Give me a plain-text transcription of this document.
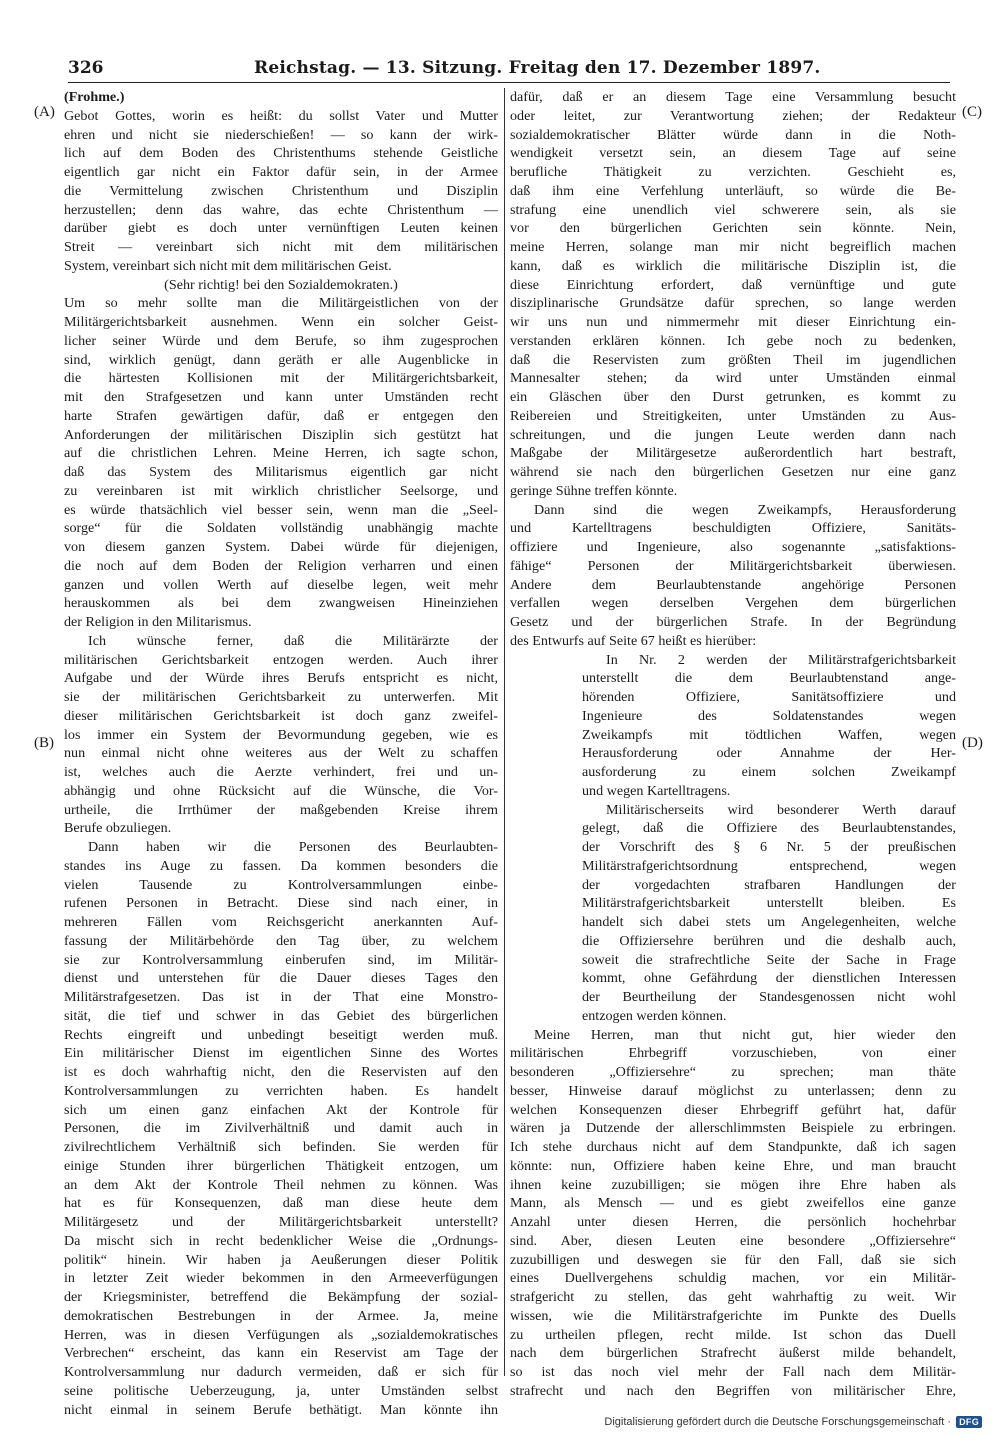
326	Reichstag. — 13. Sitzung. Freitag den 17. Dezember 1897.
(A)
(B)
(C)
(D)
(Frohme.)
Gebot Gottes, worin es heißt: du sollst Vater und Mutter
ehren und nicht sie niederschießen! — so kann der wirk-
lich auf dem Boden des Christenthums stehende Geistliche
eigentlich gar nicht ein Faktor dafür sein, in der Armee
die Vermittelung zwischen Christenthum und Disziplin
herzustellen; denn das wahre, das echte Christenthum —
darüber giebt es doch unter vernünftigen Leuten keinen
Streit — vereinbart sich nicht mit dem militärischen
System, vereinbart sich nicht mit dem militärischen Geist.
(Sehr richtig! bei den Sozialdemokraten.)
Um so mehr sollte man die Militärgeistlichen von der
Militärgerichtsbarkeit ausnehmen. Wenn ein solcher Geist-
licher seiner Würde und dem Berufe, so ihm zugesprochen
sind, wirklich genügt, dann geräth er alle Augenblicke in
die härtesten Kollisionen mit der Militärgerichtsbarkeit,
mit den Strafgesetzen und kann unter Umständen recht
harte Strafen gewärtigen dafür, daß er entgegen den
Anforderungen der militärischen Disziplin sich gestützt hat
auf die christlichen Lehren. Meine Herren, ich sagte schon,
daß das System des Militarismus eigentlich gar nicht
zu vereinbaren ist mit wirklich christlicher Seelsorge, und
es würde thatsächlich viel besser sein, wenn man die „Seel-
sorge“ für die Soldaten vollständig unabhängig machte
von diesem ganzen System. Dabei würde für diejenigen,
die noch auf dem Boden der Religion verharren und einen
ganzen und vollen Werth auf dieselbe legen, weit mehr
herauskommen als bei dem zwangweisen Hineinziehen
der Religion in den Militarismus.
Ich wünsche ferner, daß die Militärärzte der
militärischen Gerichtsbarkeit entzogen werden. Auch ihrer
Aufgabe und der Würde ihres Berufs entspricht es nicht,
sie der militärischen Gerichtsbarkeit zu unterwerfen. Mit
dieser militärischen Gerichtsbarkeit ist doch ganz zweifel-
los immer ein System der Bevormundung gegeben, wie es
nun einmal nicht ohne weiteres aus der Welt zu schaffen
ist, welches auch die Aerzte verhindert, frei und un-
abhängig und ohne Rücksicht auf die Wünsche, die Vor-
urtheile, die Irrthümer der maßgebenden Kreise ihrem
Berufe obzuliegen.
Dann haben wir die Personen des Beurlaubten-
standes ins Auge zu fassen. Da kommen besonders die
vielen Tausende zu Kontrolversammlungen einbe-
rufenen Personen in Betracht. Diese sind nach einer, in
mehreren Fällen vom Reichsgericht anerkannten Auf-
fassung der Militärbehörde den Tag über, zu welchem
sie zur Kontrolversammlung einberufen sind, im Militär-
dienst und unterstehen für die Dauer dieses Tages den
Militärstrafgesetzen. Das ist in der That eine Monstro-
sität, die tief und schwer in das Gebiet des bürgerlichen
Rechts eingreift und unbedingt beseitigt werden muß.
Ein militärischer Dienst im eigentlichen Sinne des Wortes
ist es doch wahrhaftig nicht, den die Reservisten auf den
Kontrolversammlungen zu verrichten haben. Es handelt
sich um einen ganz einfachen Akt der Kontrole für
Personen, die im Zivilverhältniß und damit auch in
zivilrechtlichem Verhältniß sich befinden. Sie werden für
einige Stunden ihrer bürgerlichen Thätigkeit entzogen, um
an dem Akt der Kontrole Theil nehmen zu können. Was
hat es für Konsequenzen, daß man diese heute dem
Militärgesetz und der Militärgerichtsbarkeit unterstellt?
Da mischt sich in recht bedenklicher Weise die „Ordnungs-
politik“ hinein. Wir haben ja Aeußerungen dieser Politik
in letzter Zeit wieder bekommen in den Armeeverfügungen
der Kriegsminister, betreffend die Bekämpfung der sozial-
demokratischen Bestrebungen in der Armee. Ja, meine
Herren, was in diesen Verfügungen als „sozialdemokratisches
Verbrechen“ erscheint, das kann ein Reservist am Tage der
Kontrolversammlung nur dadurch vermeiden, daß er sich für
seine politische Ueberzeugung, ja, unter Umständen selbst
nicht einmal in seinem Berufe bethätigt. Man könnte ihn
dafür, daß er an diesem Tage eine Versammlung besucht
oder leitet, zur Verantwortung ziehen; der Redakteur
sozialdemokratischer Blätter würde dann in die Noth-
wendigkeit versetzt sein, an diesem Tage auf seine
berufliche Thätigkeit zu verzichten. Geschieht es,
daß ihm eine Verfehlung unterläuft, so würde die Be-
strafung eine unendlich viel schwerere sein, als sie
vor den bürgerlichen Gerichten sein könnte. Nein,
meine Herren, solange man mir nicht begreiflich machen
kann, daß es wirklich die militärische Disziplin ist, die
diese Einrichtung erfordert, daß vernünftige und gute
disziplinarische Grundsätze dafür sprechen, so lange werden
wir uns nun und nimmermehr mit dieser Einrichtung ein-
verstanden erklären können. Ich gebe noch zu bedenken,
daß die Reservisten zum größten Theil im jugendlichen
Mannesalter stehen; da wird unter Umständen einmal
ein Gläschen über den Durst getrunken, es kommt zu
Reibereien und Streitigkeiten, unter Umständen zu Aus-
schreitungen, und die jungen Leute werden dann nach
Maßgabe der Militärgesetze außerordentlich hart bestraft,
während sie nach den bürgerlichen Gesetzen nur eine ganz
geringe Sühne treffen könnte.
Dann sind die wegen Zweikampfs, Herausforderung
und Kartelltragens beschuldigten Offiziere, Sanitäts-
offiziere und Ingenieure, also sogenannte „satisfaktions-
fähige“ Personen der Militärgerichtsbarkeit überwiesen.
Andere dem Beurlaubtenstande angehörige Personen
verfallen wegen derselben Vergehen dem bürgerlichen
Gesetz und der bürgerlichen Strafe. In der Begründung
des Entwurfs auf Seite 67 heißt es hierüber:
In Nr. 2 werden der Militärstrafgerichtsbarkeit
unterstellt die dem Beurlaubtenstand ange-
hörenden Offiziere, Sanitätsoffiziere und
Ingenieure des Soldatenstandes wegen
Zweikampfs mit tödtlichen Waffen, wegen
Herausforderung oder Annahme der Her-
ausforderung zu einem solchen Zweikampf
und wegen Kartelltragens.
Militärischerseits wird besonderer Werth darauf
gelegt, daß die Offiziere des Beurlaubtenstandes,
der Vorschrift des § 6 Nr. 5 der preußischen
Militärstrafgerichtsordnung entsprechend, wegen
der vorgedachten strafbaren Handlungen der
Militärstrafgerichtsbarkeit unterstellt bleiben. Es
handelt sich dabei stets um Angelegenheiten, welche
die Offiziersehre berühren und die deshalb auch,
soweit die strafrechtliche Seite der Sache in Frage
kommt, ohne Gefährdung der dienstlichen Interessen
der Beurtheilung der Standesgenossen nicht wohl
entzogen werden können.
Meine Herren, man thut nicht gut, hier wieder den
militärischen Ehrbegriff vorzuschieben, von einer
besonderen „Offiziersehre“ zu sprechen; man thäte
besser, Hinweise darauf möglichst zu unterlassen; denn zu
welchen Konsequenzen dieser Ehrbegriff geführt hat, dafür
wären ja Dutzende der allerschlimmsten Beispiele zu erbringen.
Ich stehe durchaus nicht auf dem Standpunkte, daß ich sagen
könnte: nun, Offiziere haben keine Ehre, und man braucht
ihnen keine zuzubilligen; sie mögen ihre Ehre haben als
Mann, als Mensch — und es giebt zweifellos eine ganze
Anzahl unter diesen Herren, die persönlich hochehrbar
sind. Aber, diesen Leuten eine besondere „Offiziersehre“
zuzubilligen und deswegen sie für den Fall, daß sie sich
eines Duellvergehens schuldig machen, vor ein Militär-
strafgericht zu stellen, das geht wahrhaftig zu weit. Wir
wissen, wie die Militärstrafgerichte im Punkte des Duells
zu urtheilen pflegen, recht milde. Ist schon das Duell
nach dem bürgerlichen Strafrecht äußerst milde behandelt,
so ist das noch viel mehr der Fall nach dem Militär-
strafrecht und nach den Begriffen von militärischer Ehre,
Digitalisierung gefördert durch die Deutsche Forschungsgemeinschaft · DFG
